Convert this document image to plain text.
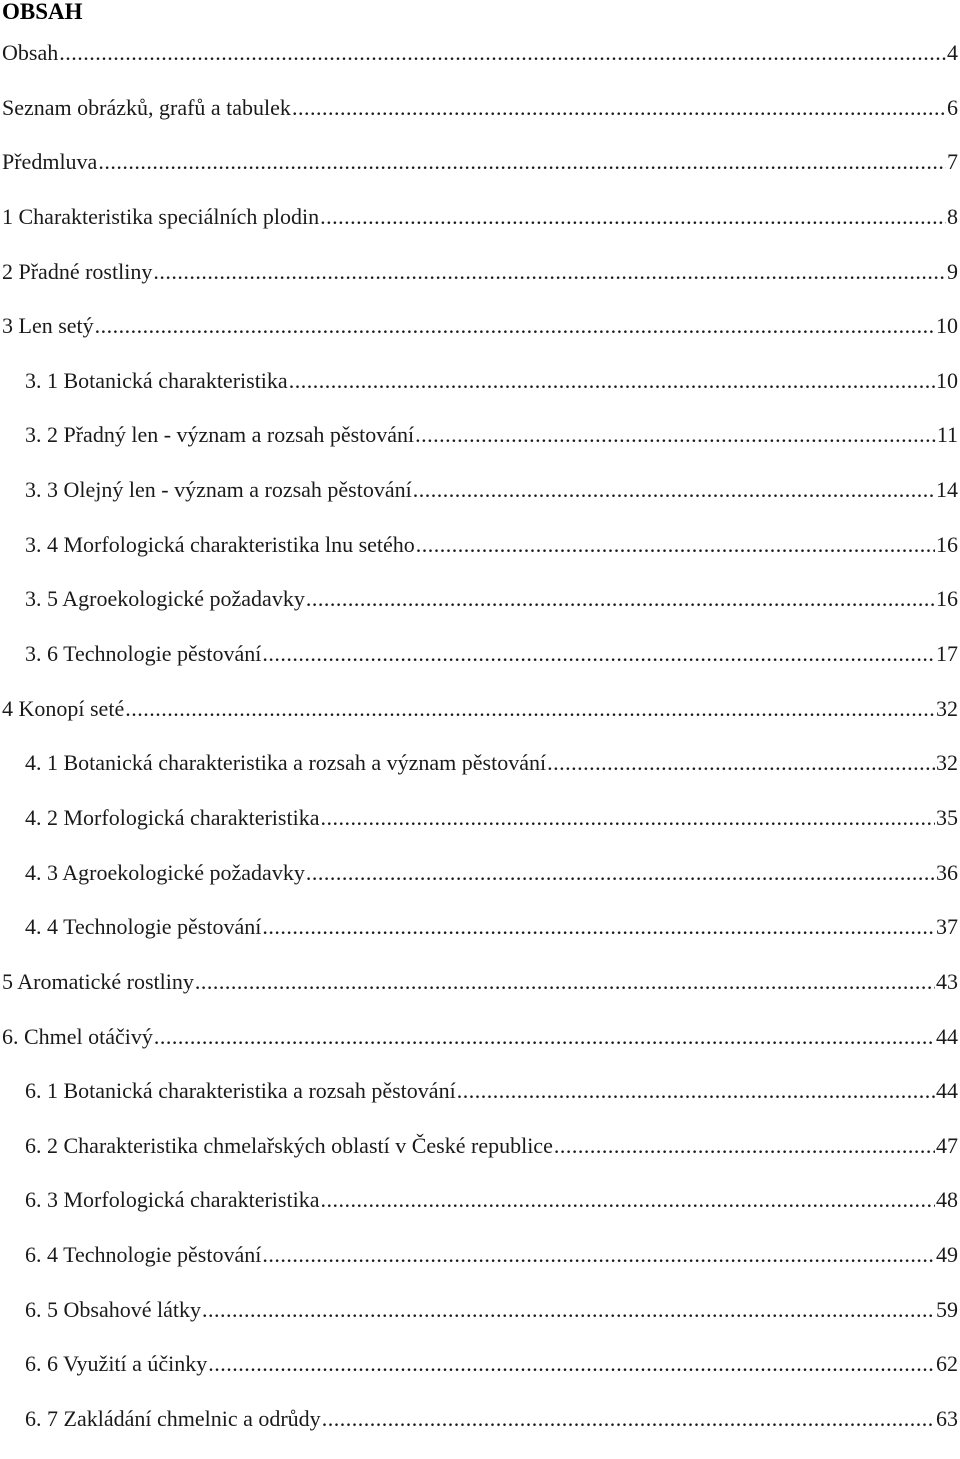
OBSAH
Obsah .....	4
Seznam obrázků, grafů a tabulek .....	6
Předmluva .....	7
1 Charakteristika speciálních plodin .....	8
2 Přadné rostliny .....	9
3 Len setý .....	10
3. 1 Botanická charakteristika .....	10
3. 2 Přadný len - význam a rozsah pěstování .....	11
3. 3 Olejný len - význam a rozsah pěstování .....	14
3. 4 Morfologická charakteristika lnu setého .....	16
3. 5 Agroekologické požadavky .....	16
3. 6 Technologie pěstování .....	17
4 Konopí seté .....	32
4. 1 Botanická charakteristika a rozsah a význam pěstování .....	32
4. 2 Morfologická charakteristika .....	35
4. 3 Agroekologické požadavky .....	36
4. 4 Technologie pěstování .....	37
5 Aromatické rostliny .....	43
6. Chmel otáčivý .....	44
6. 1 Botanická charakteristika a rozsah pěstování .....	44
6. 2 Charakteristika chmelařských oblastí v České republice .....	47
6. 3 Morfologická charakteristika .....	48
6. 4 Technologie pěstování .....	49
6. 5 Obsahové látky .....	59
6. 6 Využití a účinky .....	62
6. 7 Zakládání chmelnic a odrůdy .....	63
